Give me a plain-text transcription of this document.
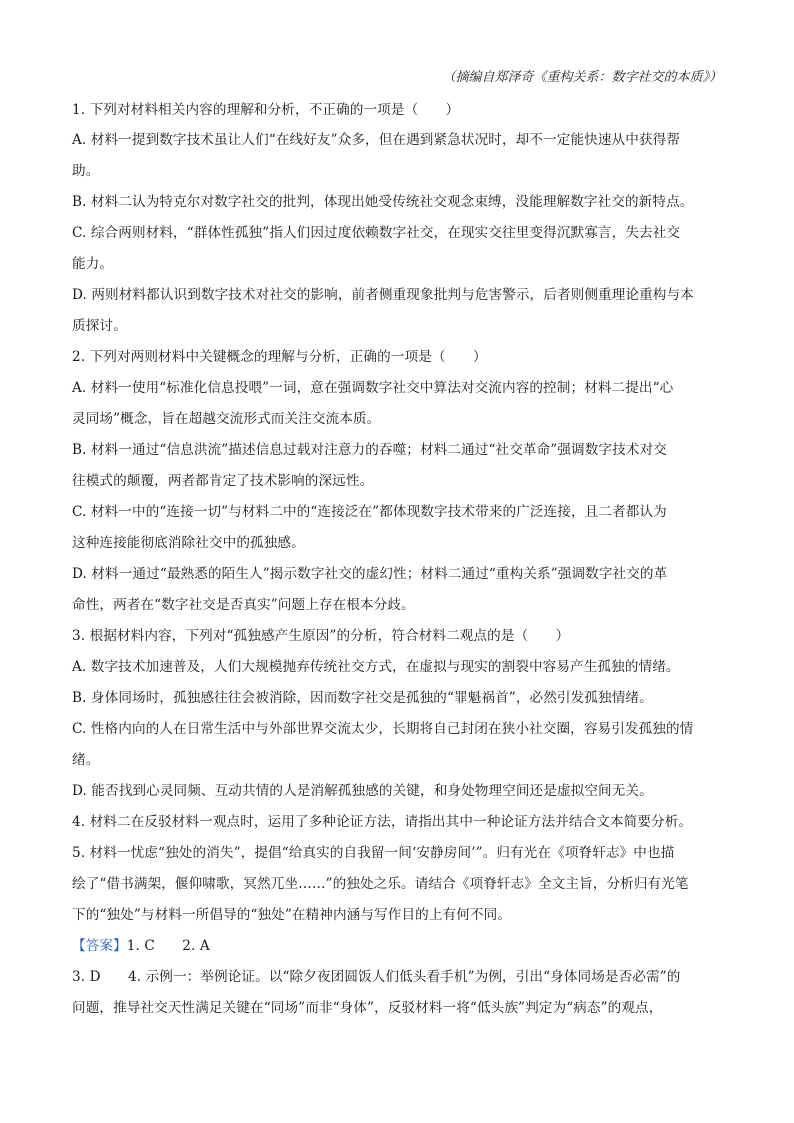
（摘编自郑泽奇《重构关系：数字社交的本质》）
1. 下列对材料相关内容的理解和分析，不正确的一项是（　　）
A. 材料一提到数字技术虽让人们“在线好友”众多，但在遇到紧急状况时，却不一定能快速从中获得帮
助。
B. 材料二认为特克尔对数字社交的批判，体现出她受传统社交观念束缚，没能理解数字社交的新特点。
C. 综合两则材料，“群体性孤独”指人们因过度依赖数字社交，在现实交往里变得沉默寡言，失去社交
能力。
D. 两则材料都认识到数字技术对社交的影响，前者侧重现象批判与危害警示，后者则侧重理论重构与本
质探讨。
2. 下列对两则材料中关键概念的理解与分析，正确的一项是（　　）
A. 材料一使用“标准化信息投喂”一词，意在强调数字社交中算法对交流内容的控制；材料二提出“心
灵同场”概念，旨在超越交流形式而关注交流本质。
B. 材料一通过“信息洪流”描述信息过载对注意力的吞噬；材料二通过“社交革命”强调数字技术对交
往模式的颠覆，两者都肯定了技术影响的深远性。
C. 材料一中的“连接一切”与材料二中的“连接泛在”都体现数字技术带来的广泛连接，且二者都认为
这种连接能彻底消除社交中的孤独感。
D. 材料一通过“最熟悉的陌生人”揭示数字社交的虚幻性；材料二通过“重构关系”强调数字社交的革
命性，两者在“数字社交是否真实”问题上存在根本分歧。
3. 根据材料内容，下列对“孤独感产生原因”的分析，符合材料二观点的是（　　）
A. 数字技术加速普及，人们大规模抛弃传统社交方式，在虚拟与现实的割裂中容易产生孤独的情绪。
B. 身体同场时，孤独感往往会被消除，因而数字社交是孤独的“罪魁祸首”，必然引发孤独情绪。
C. 性格内向的人在日常生活中与外部世界交流太少，长期将自己封闭在狭小社交圈，容易引发孤独的情
绪。
D. 能否找到心灵同频、互动共情的人是消解孤独感的关键，和身处物理空间还是虚拟空间无关。
4. 材料二在反驳材料一观点时，运用了多种论证方法，请指出其中一种论证方法并结合文本简要分析。
5. 材料一忧虑“独处的消失”，提倡“给真实的自我留一间‘安静房间’”。归有光在《项脊轩志》中也描
绘了“借书满架，偃仰啸歌，冥然兀坐……”的独处之乐。请结合《项脊轩志》全文主旨，分析归有光笔
下的“独处”与材料一所倡导的“独处”在精神内涵与写作目的上有何不同。
【答案】1. C　　2. A
3. D　　4. 示例一：举例论证。以“除夕夜团圆饭人们低头看手机”为例，引出“身体同场是否必需”的
问题，推导社交天性满足关键在“同场”而非“身体”，反驳材料一将“低头族”判定为“病态”的观点，
